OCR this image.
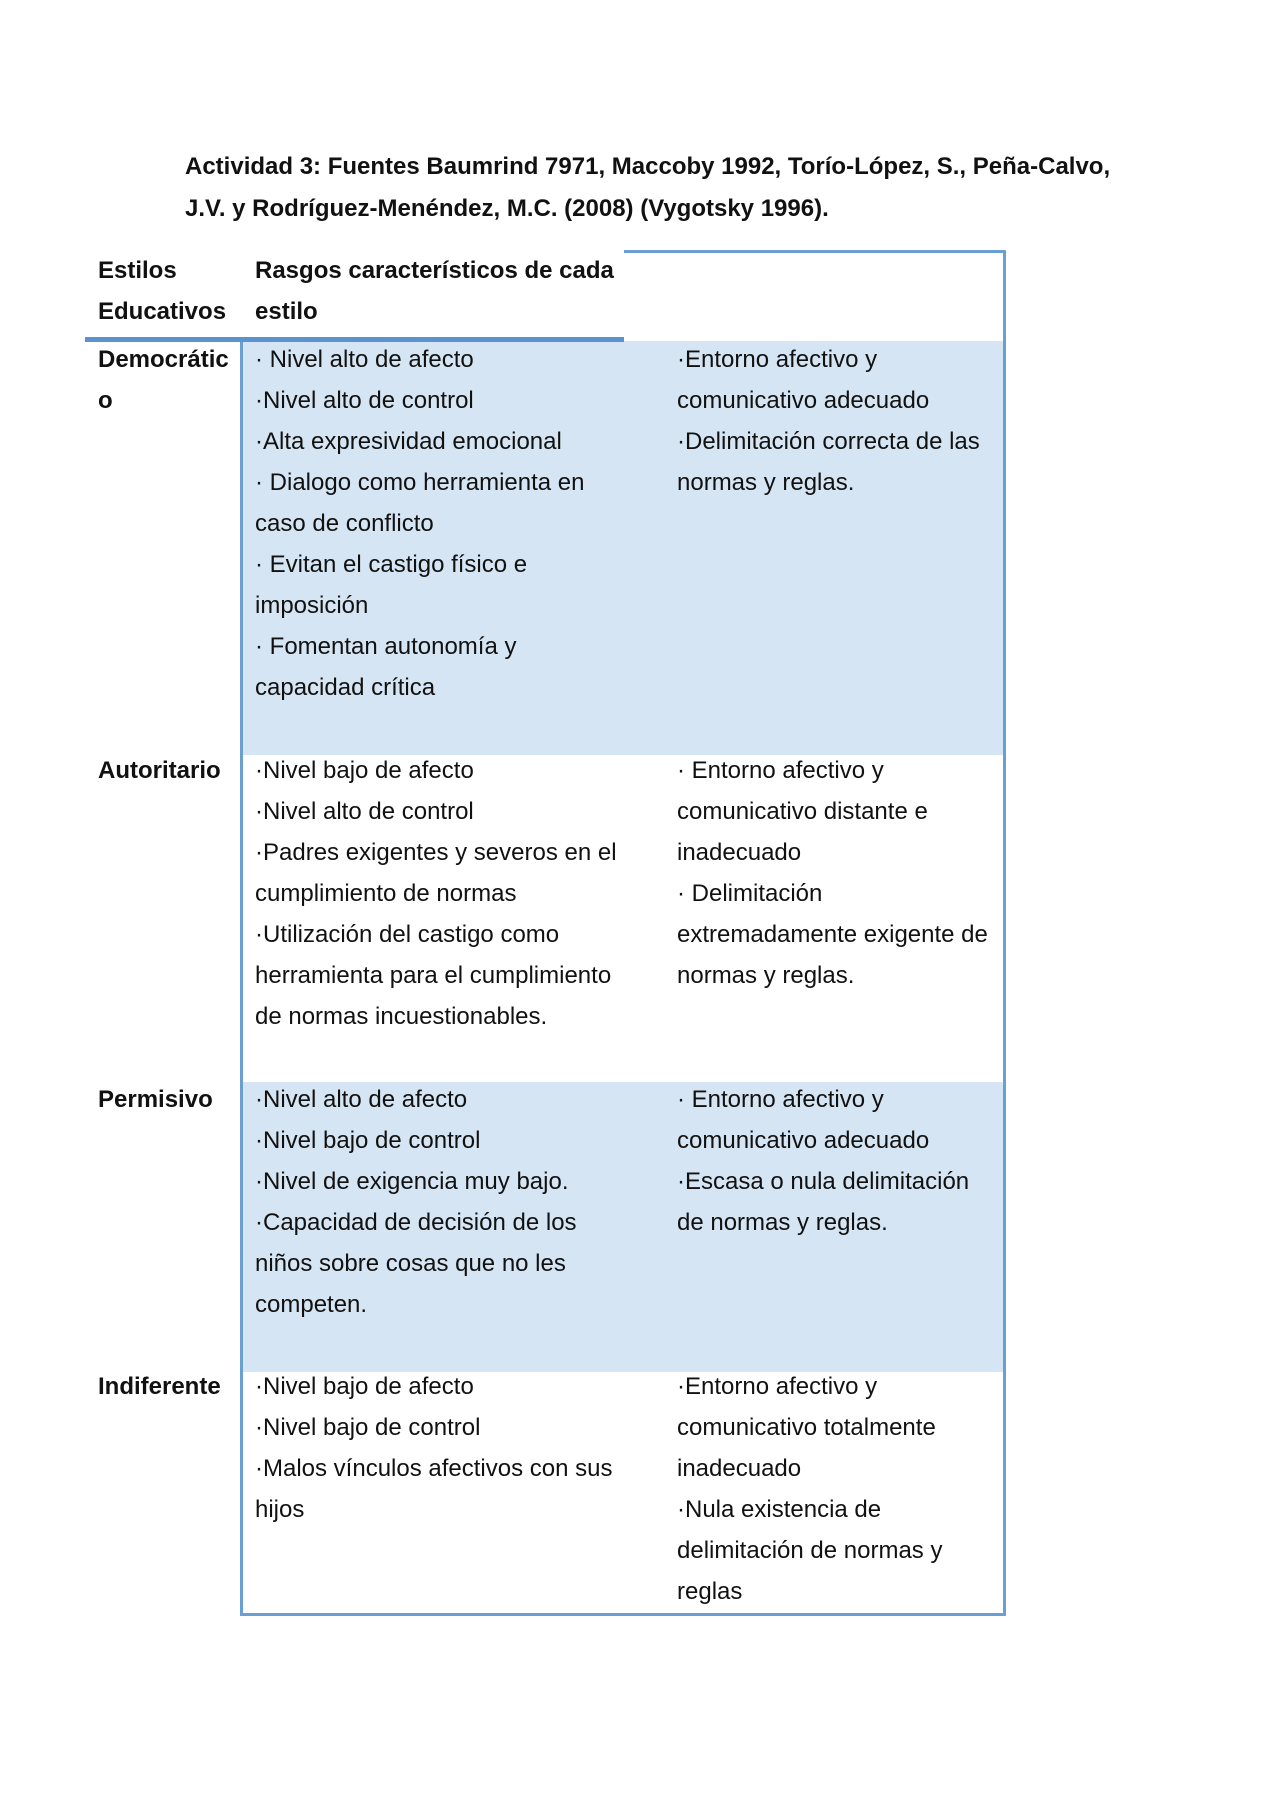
Actividad 3: Fuentes Baumrind 7971, Maccoby 1992, Torío-López, S., Peña-Calvo,
J.V. y Rodríguez-Menéndez, M.C. (2008) (Vygotsky 1996).
Estilos
Educativos
Rasgos característicos de cada
estilo
Democrátic
o
· Nivel alto de afecto
·Nivel alto de control
·Alta expresividad emocional
· Dialogo como herramienta en
caso de conflicto
· Evitan el castigo físico e
imposición
· Fomentan autonomía y
capacidad crítica
·Entorno afectivo y
comunicativo adecuado
·Delimitación correcta de las
normas y reglas.
Autoritario ·Nivel bajo de afecto
·Nivel alto de control
·Padres exigentes y severos en el
cumplimiento de normas
·Utilización del castigo como
herramienta para el cumplimiento
de normas incuestionables.
· Entorno afectivo y
comunicativo distante e
inadecuado
· Delimitación
extremadamente exigente de
normas y reglas.
Permisivo ·Nivel alto de afecto
·Nivel bajo de control
·Nivel de exigencia muy bajo.
·Capacidad de decisión de los
niños sobre cosas que no les
competen.
· Entorno afectivo y
comunicativo adecuado
·Escasa o nula delimitación
de normas y reglas.
Indiferente ·Nivel bajo de afecto
·Nivel bajo de control
·Malos vínculos afectivos con sus
hijos
·Entorno afectivo y
comunicativo totalmente
inadecuado
·Nula existencia de
delimitación de normas y
reglas
